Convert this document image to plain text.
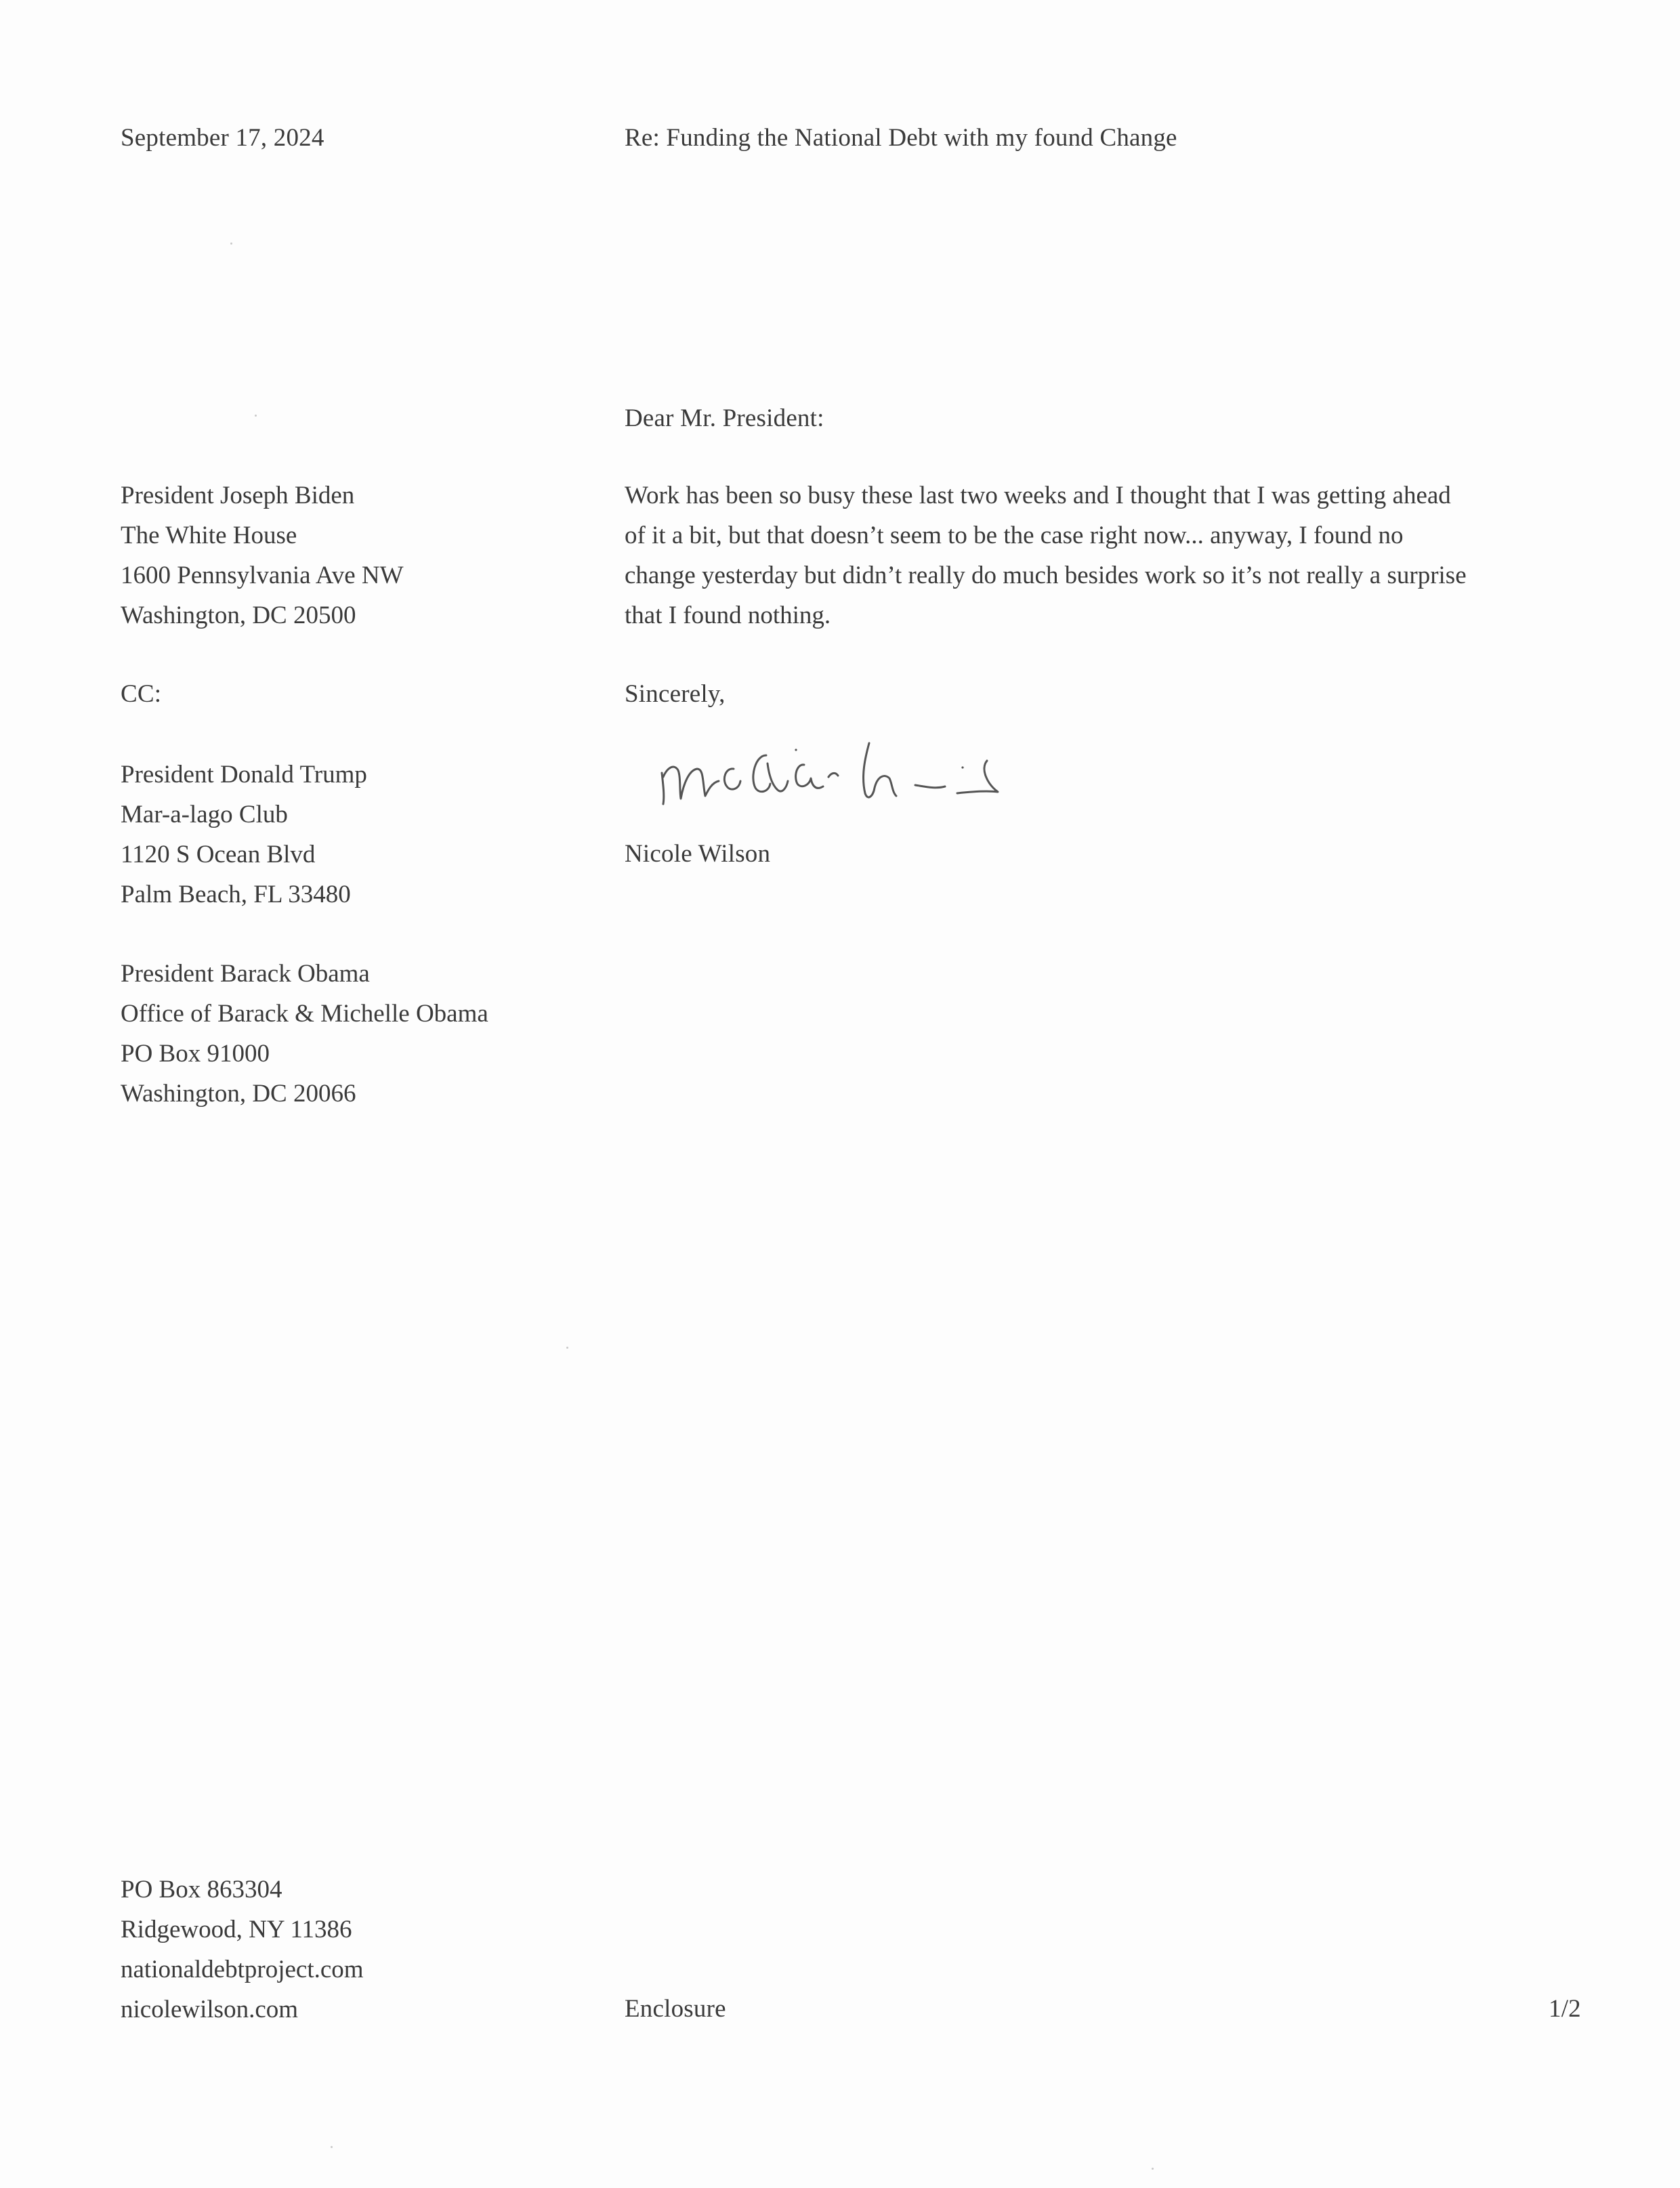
September 17, 2024	Re: Funding the National Debt with my found Change
Dear Mr. President:
President Joseph Biden
The White House
1600 Pennsylvania Ave NW
Washington, DC 20500
CC:
President Donald Trump
Mar-a-lago Club
1120 S Ocean Blvd
Palm Beach, FL 33480
President Barack Obama
Office of Barack & Michelle Obama
PO Box 91000
Washington, DC 20066
Work has been so busy these last two weeks and I thought that I was getting ahead
of it a bit, but that doesn’t seem to be the case right now... anyway, I found no
change yesterday but didn’t really do much besides work so it’s not really a surprise
that I found nothing.
Sincerely,
Nicole Wilson
PO Box 863304
Ridgewood, NY 11386
nationaldebtproject.com
nicolewilson.com	Enclosure	1/2
